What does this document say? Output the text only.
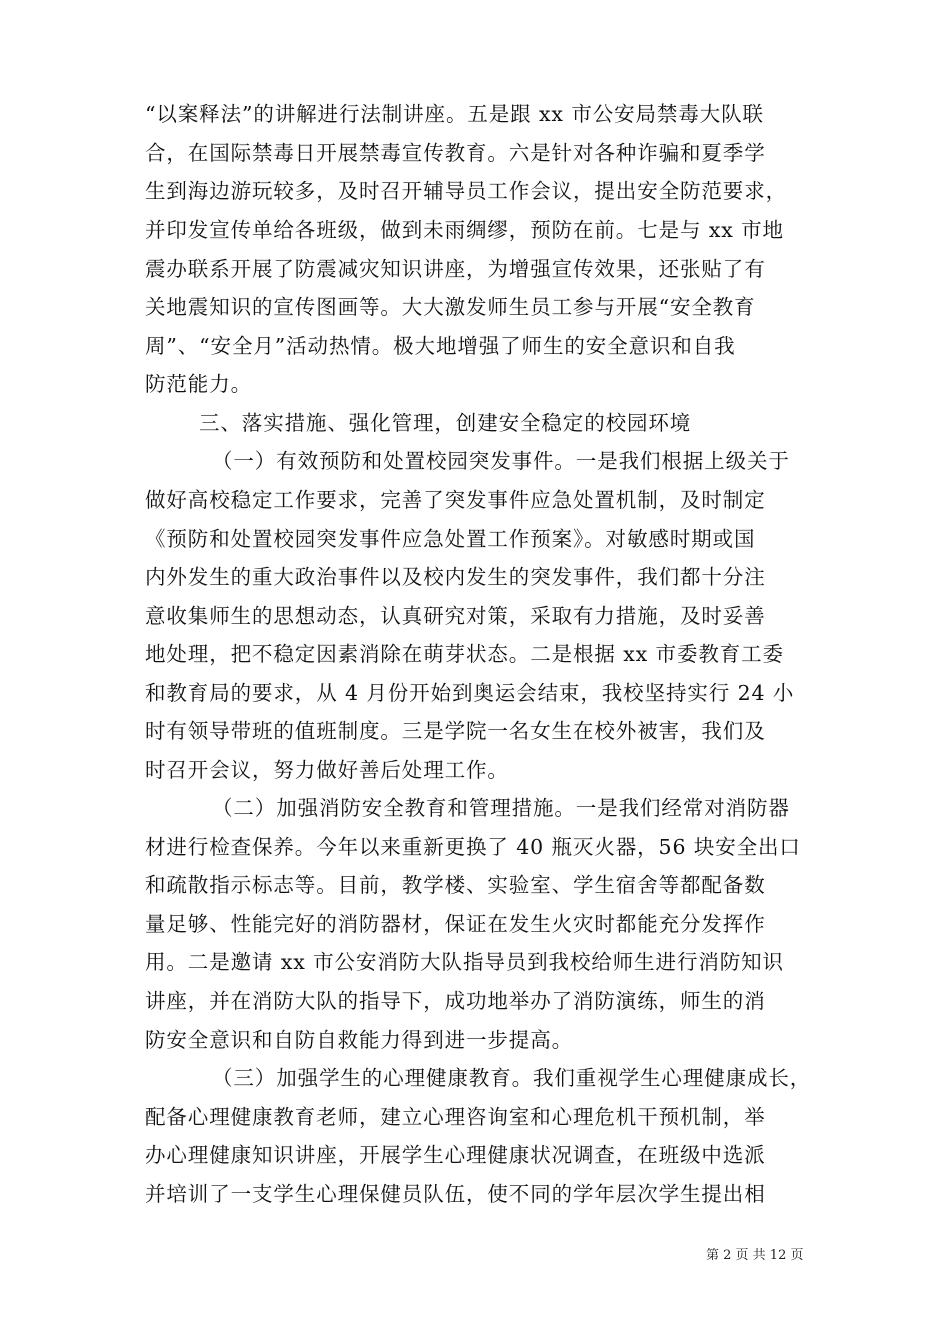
“以案释法”的讲解进行法制讲座。五是跟 xx 市公安局禁毒大队联
合，在国际禁毒日开展禁毒宣传教育。六是针对各种诈骗和夏季学
生到海边游玩较多，及时召开辅导员工作会议，提出安全防范要求，
并印发宣传单给各班级，做到未雨绸缪，预防在前。七是与 xx 市地
震办联系开展了防震减灾知识讲座，为增强宣传效果，还张贴了有
关地震知识的宣传图画等。大大激发师生员工参与开展“安全教育
周”、“安全月”活动热情。极大地增强了师生的安全意识和自我
防范能力。
三、落实措施、强化管理，创建安全稳定的校园环境
（一）有效预防和处置校园突发事件。一是我们根据上级关于
做好高校稳定工作要求，完善了突发事件应急处置机制，及时制定
《预防和处置校园突发事件应急处置工作预案》。对敏感时期或国
内外发生的重大政治事件以及校内发生的突发事件，我们都十分注
意收集师生的思想动态，认真研究对策，采取有力措施，及时妥善
地处理，把不稳定因素消除在萌芽状态。二是根据 xx 市委教育工委
和教育局的要求，从 4 月份开始到奥运会结束，我校坚持实行 24 小
时有领导带班的值班制度。三是学院一名女生在校外被害，我们及
时召开会议，努力做好善后处理工作。
（二）加强消防安全教育和管理措施。一是我们经常对消防器
材进行检查保养。今年以来重新更换了 40 瓶灭火器，56 块安全出口
和疏散指示标志等。目前，教学楼、实验室、学生宿舍等都配备数
量足够、性能完好的消防器材，保证在发生火灾时都能充分发挥作
用。二是邀请 xx 市公安消防大队指导员到我校给师生进行消防知识
讲座，并在消防大队的指导下，成功地举办了消防演练，师生的消
防安全意识和自防自救能力得到进一步提高。
（三）加强学生的心理健康教育。我们重视学生心理健康成长，
配备心理健康教育老师，建立心理咨询室和心理危机干预机制，举
办心理健康知识讲座，开展学生心理健康状况调查，在班级中选派
并培训了一支学生心理保健员队伍，使不同的学年层次学生提出相
第 2 页 共 12 页
